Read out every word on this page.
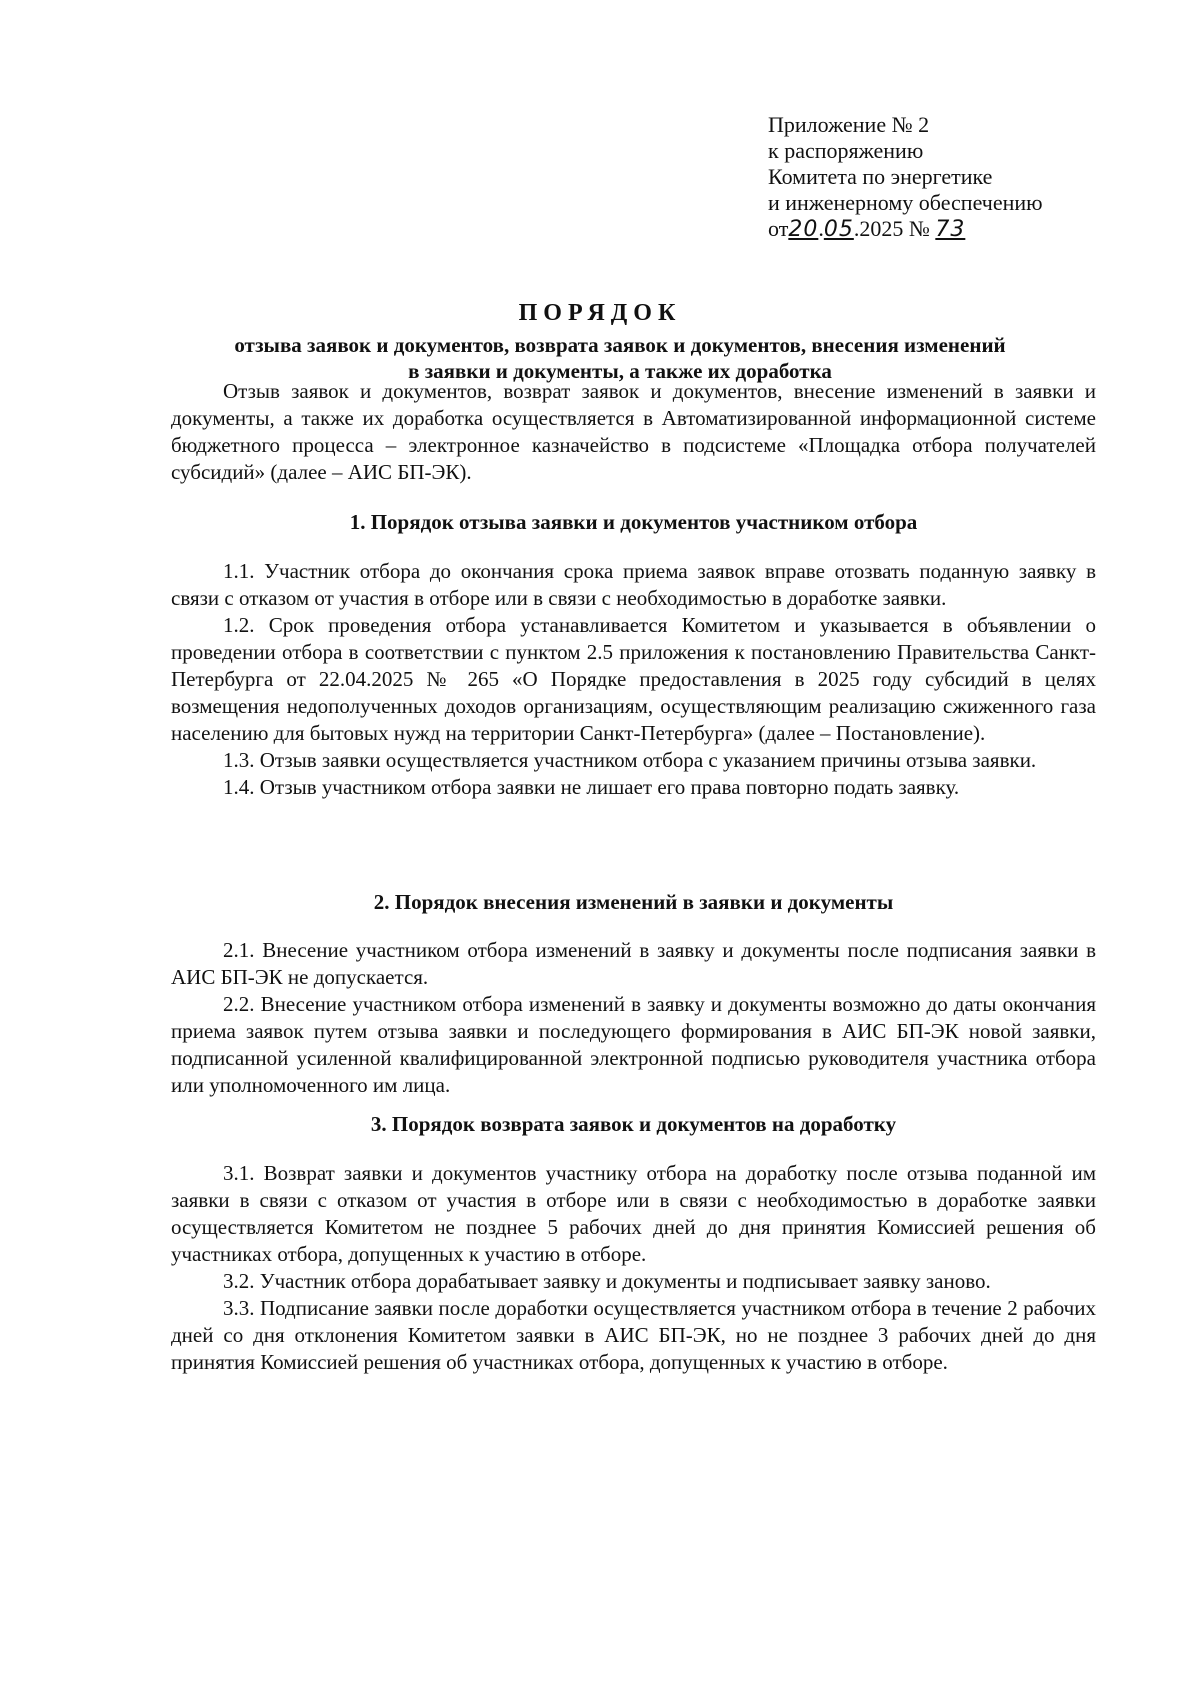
Приложение № 2
к распоряжению
Комитета по энергетике
и инженерному обеспечению
от20.05.2025 № 73
ПОРЯДОК
отзыва заявок и документов, возврата заявок и документов, внесения изменений
в заявки и документы, а также их доработка

Отзыв заявок и документов, возврат заявок и документов, внесение изменений в заявки и документы, а также их доработка осуществляется в Автоматизированной информационной системе бюджетного процесса – электронное казначейство в подсистеме «Площадка отбора получателей субсидий» (далее – АИС БП-ЭК).

1. Порядок отзыва заявки и документов участником отбора

1.1. Участник отбора до окончания срока приема заявок вправе отозвать поданную заявку в связи с отказом от участия в отборе или в связи с необходимостью в доработке заявки.

1.2. Срок проведения отбора устанавливается Комитетом и указывается в объявлении о проведении отбора в соответствии с пунктом 2.5 приложения к постановлению Правительства Санкт-Петербурга от 22.04.2025 № 265 «О Порядке предоставления в 2025 году субсидий в целях возмещения недополученных доходов организациям, осуществляющим реализацию сжиженного газа населению для бытовых нужд на территории Санкт-Петербурга» (далее – Постановление).

1.3. Отзыв заявки осуществляется участником отбора с указанием причины отзыва заявки.

1.4. Отзыв участником отбора заявки не лишает его права повторно подать заявку.

2. Порядок внесения изменений в заявки и документы

2.1. Внесение участником отбора изменений в заявку и документы после подписания заявки в АИС БП-ЭК не допускается.

2.2. Внесение участником отбора изменений в заявку и документы возможно до даты окончания приема заявок путем отзыва заявки и последующего формирования в АИС БП-ЭК новой заявки, подписанной усиленной квалифицированной электронной подписью руководителя участника отбора или уполномоченного им лица.

3. Порядок возврата заявок и документов на доработку

3.1. Возврат заявки и документов участнику отбора на доработку после отзыва поданной им заявки в связи с отказом от участия в отборе или в связи с необходимостью в доработке заявки осуществляется Комитетом не позднее 5 рабочих дней до дня принятия Комиссией решения об участниках отбора, допущенных к участию в отборе.

3.2. Участник отбора дорабатывает заявку и документы и подписывает заявку заново.

3.3. Подписание заявки после доработки осуществляется участником отбора в течение 2 рабочих дней со дня отклонения Комитетом заявки в АИС БП-ЭК, но не позднее 3 рабочих дней до дня принятия Комиссией решения об участниках отбора, допущенных к участию в отборе.
